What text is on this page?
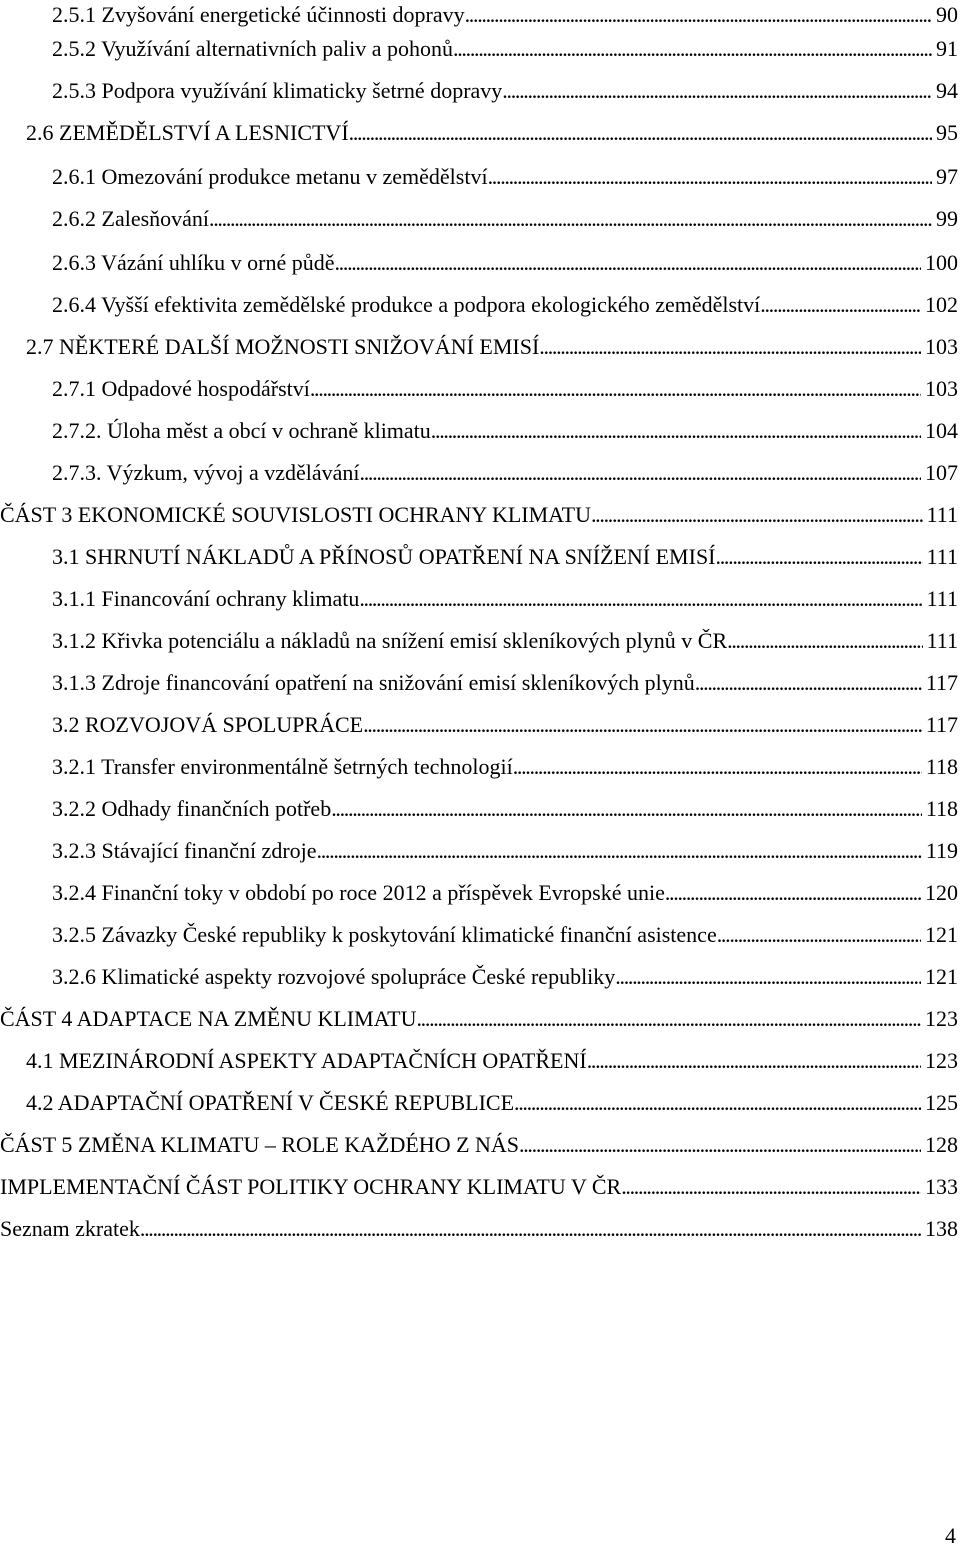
2.5.1 Zvyšování energetické účinnosti dopravy . . .	90
2.5.2 Využívání alternativních paliv a pohonů . . .	91
2.5.3 Podpora využívání klimaticky šetrné dopravy . . .	94
2.6 ZEMĚDĚLSTVÍ A LESNICTVÍ . . .	95
2.6.1 Omezování produkce metanu v zemědělství . . .	97
2.6.2 Zalesňování . . .	99
2.6.3 Vázání uhlíku v orné půdě . . .	100
2.6.4 Vyšší efektivita zemědělské produkce a podpora ekologického zemědělství . . .	102
2.7 NĚKTERÉ DALŠÍ MOŽNOSTI SNIŽOVÁNÍ EMISÍ . . .	103
2.7.1 Odpadové hospodářství . . .	103
2.7.2. Úloha měst a obcí v ochraně klimatu . . .	104
2.7.3. Výzkum, vývoj a vzdělávání . . .	107
ČÁST 3 EKONOMICKÉ SOUVISLOSTI OCHRANY KLIMATU . . .	111
3.1 SHRNUTÍ NÁKLADŮ A PŘÍNOSŮ OPATŘENÍ NA SNÍŽENÍ EMISÍ . . .	111
3.1.1 Financování ochrany klimatu . . .	111
3.1.2 Křivka potenciálu a nákladů na snížení emisí skleníkových plynů v ČR . . .	111
3.1.3 Zdroje financování opatření na snižování emisí skleníkových plynů . . .	117
3.2 ROZVOJOVÁ SPOLUPRÁCE . . .	117
3.2.1 Transfer environmentálně šetrných technologií . . .	118
3.2.2 Odhady finančních potřeb . . .	118
3.2.3 Stávající finanční zdroje . . .	119
3.2.4 Finanční toky v období po roce 2012 a příspěvek Evropské unie . . .	120
3.2.5 Závazky České republiky k poskytování klimatické finanční asistence . . .	121
3.2.6 Klimatické aspekty rozvojové spolupráce České republiky . . .	121
ČÁST 4 ADAPTACE NA ZMĚNU KLIMATU . . .	123
4.1 MEZINÁRODNÍ ASPEKTY ADAPTAČNÍCH OPATŘENÍ . . .	123
4.2 ADAPTAČNÍ OPATŘENÍ V ČESKÉ REPUBLICE . . .	125
ČÁST 5 ZMĚNA KLIMATU – ROLE KAŽDÉHO Z NÁS . . .	128
IMPLEMENTAČNÍ ČÁST POLITIKY OCHRANY KLIMATU V ČR . . .	133
Seznam zkratek . . .	138
4
